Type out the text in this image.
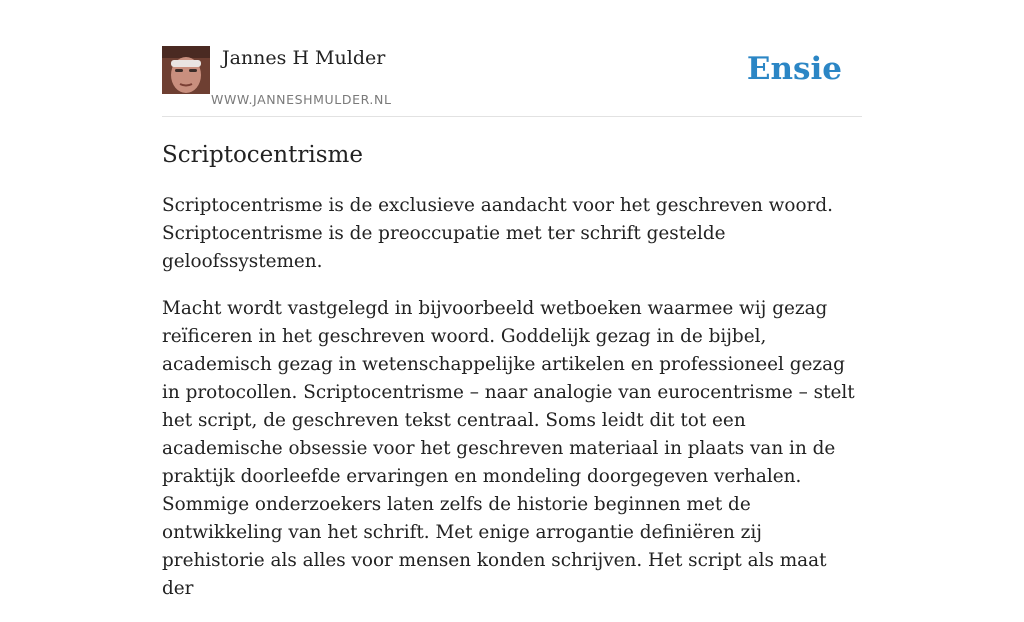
Jannes H Mulder
WWW.JANNESHMULDER.NL
Ensie
Scriptocentrisme

Scriptocentrisme is de exclusieve aandacht voor het geschreven woord. Scriptocentrisme is de preoccupatie met ter schrift gestelde geloofssystemen.

Macht wordt vastgelegd in bijvoorbeeld wetboeken waarmee wij gezag reïficeren in het geschreven woord. Goddelijk gezag in de bijbel, academisch gezag in wetenschappelijke artikelen en professioneel gezag in protocollen. Scriptocentrisme – naar analogie van eurocentrisme – stelt het script, de geschreven tekst centraal. Soms leidt dit tot een academische obsessie voor het geschreven materiaal in plaats van in de praktijk doorleefde ervaringen en mondeling doorgegeven verhalen. Sommige onderzoekers laten zelfs de historie beginnen met de ontwikkeling van het schrift. Met enige arrogantie definiëren zij prehistorie als alles voor mensen konden schrijven. Het script als maat der
